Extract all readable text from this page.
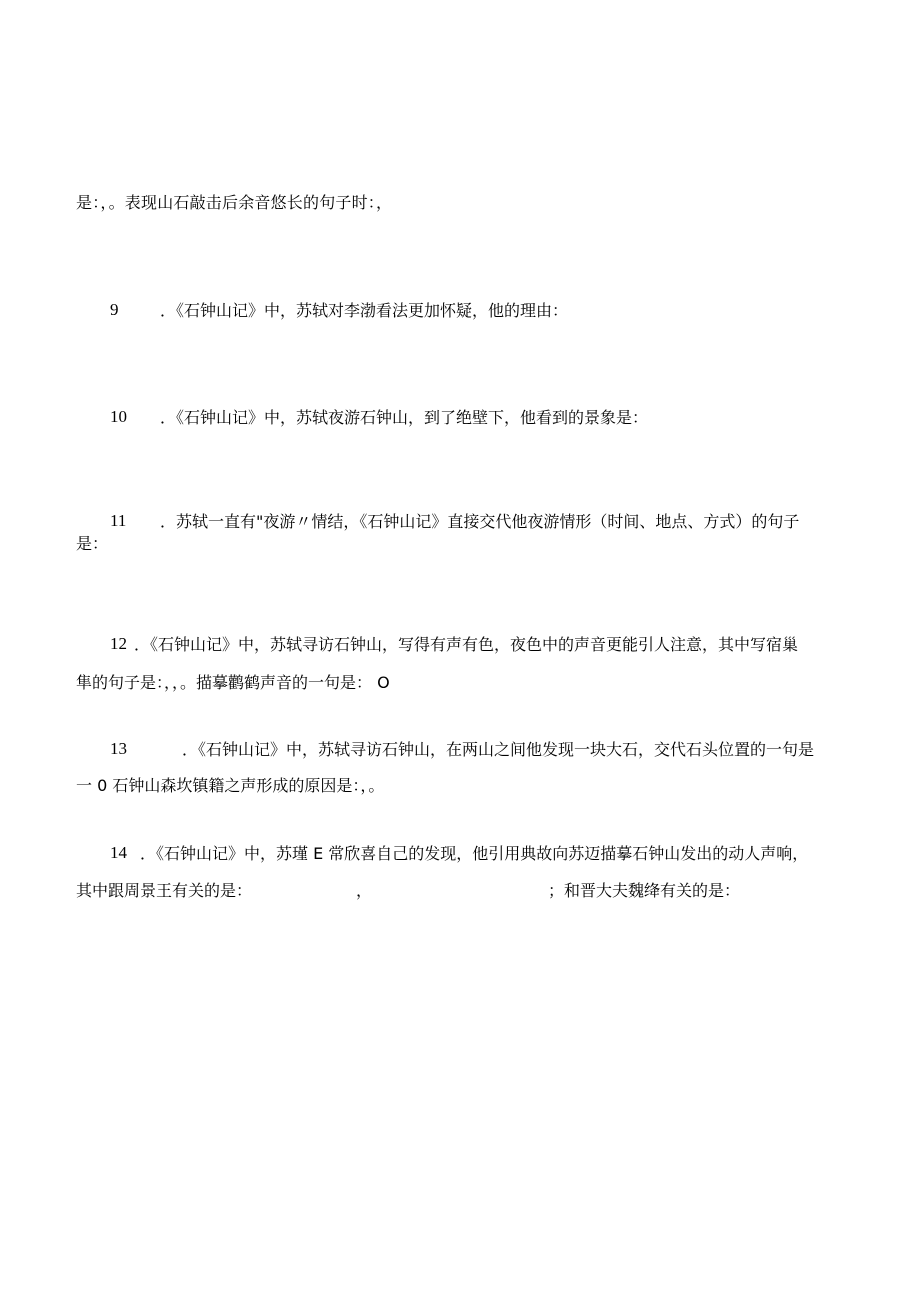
是：，。表现山石敲击后余音悠长的句子时：，
9	．《石钟山记》中，苏轼对李渤看法更加怀疑，他的理由：
10 ．《石钟山记》中，苏轼夜游石钟山，到了绝壁下，他看到的景象是：
11 ．苏轼一直有"夜游〃情结，《石钟山记》直接交代他夜游情形（时间、地点、方式）的句子
是：
12 ．《石钟山记》中，苏轼寻访石钟山，写得有声有色，夜色中的声音更能引人注意，其中写宿巢
隼的句子是：，，。描摹鹳鹤声音的一句是： O
13	．《石钟山记》中，苏轼寻访石钟山，在两山之间他发现一块大石，交代石头位置的一句是
一 0 石钟山森坎镇籍之声形成的原因是：，。
14 ．《石钟山记》中，苏瑾 E 常欣喜自己的发现，他引用典故向苏迈描摹石钟山发出的动人声响，
其中跟周景王有关的是：	，	；和晋大夫魏绛有关的是：
